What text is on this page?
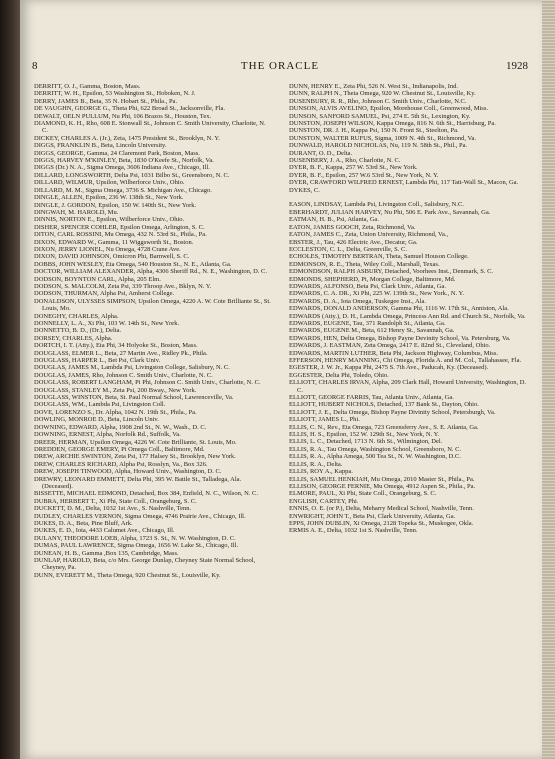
8	THE ORACLE	1928

DERRITT, O. J., Gamma, Boston, Mass.

DERRITT, W. H., Epsilon, 53 Washington St., Hoboken, N. J.

DERRY, JAMES B., Beta, 35 N. Hobart St., Phila., Pa.

DE VAUGHN, GEORGE G., Theta Phi, 622 Broad St., Jacksonville, Fla.

DEWALT, OELN PULLUM, Nu Phi, 106 Brazos St., Houston, Tex.

DIAMOND, K. H., Rho, 608 E. Stonwall St., Johnson C. Smith University, Charlotte, N. C.

DICKEY, CHARLES A. (Jr.), Zeta, 1475 President St., Brooklyn, N. Y.

DIGGS, FRANKLIN B., Beta, Lincoln University.

DIGGS, GEORGE, Gamma, 24 Claremont Park, Boston, Mass.

DIGGS, HARVEY M'KINLEY, Beta, 1830 O'Keefe St., Norfolk, Va.

DIGGS (Dr.) N. A., Sigma Omega, 3606 Indiana Ave., Chicago, Ill.

DILLARD, LONGSWORTH, Delta Psi, 1031 Bilbo St., Greensboro, N. C.

DILLARD, WILMUR, Upsilon, Wilberforce Univ., Ohio.

DILLARD, M. M., Sigma Omega, 3736 S. Michigan Ave., Chicago.

DINGLE, ALLEN, Epsilon, 236 W. 138th St., New York.

DINGLE, J. GORDON, Epsilon, 150 W. 140th St., New York.

DINGWAH, M. HAROLD, Mu.

DINNIS, NORTON E., Epsilon, Wilberforce Univ., Ohio.

DISHER, SPENCER COHLER, Epsilon Omega, Arlington, S. C.

DITON, CARL ROSSINI, Mu Omega, 432 N. 53rd St., Phila., Pa.

DIXON, EDWARD W., Gamma, 11 Wiggsworth St., Boston.

DIXON, JERRY LIONEL, Nu Omega, 4728 Crane Ave.

DIXON, DAVID JOHNSON, Omicron Phi, Barnwell, S. C.

DOBBS, JOHN WESLEY, Eta Omega, 540 Houston St., N. E., Atlanta, Ga.

DOCTOR, WILLIAM ALEXANDER, Alpha, 4306 Sheriff Rd., N. E., Washington, D. C.

DODSON, BOYNTON CARL, Alpha, 205 Elm.

DODSON, S. MALCOLM, Zeta Psi, 339 Throop Ave., Bklyn, N. Y.

DODSON, THURMAN, Alpha Psi, Amherst College.

DONALDSON, ULYSSES SIMPSON, Upsilon Omega, 4220 A. W. Cote Brilliante St., St. Louis, Mo.

DONEGHY, CHARLES, Alpha.

DONNELLY, L. A., Xi Phi, 103 W. 14th St., New York.

DONNETTO, B. D., (Dr.), Delta.

DORSEY, CHARLES, Alpha.

DORTCH, I. T. (Atty.), Eta Phi, 34 Holyoke St., Boston, Mass.

DOUGLASS, ELMER L., Beta, 27 Martin Ave., Ridley Pk., Phila.

DOUGLASS, HARPER L., Bet Psi, Clark Univ.

DOUGLAS, JAMES M., Lambda Psi, Livingston College, Salisbury, N. C.

DOUGLAS, JAMES, Rho, Johnson C. Smith Univ., Charlotte, N. C.

DOUGLASS, ROBERT LANGHAM, Pi Phi, Johnson C. Smith Univ., Charlotte, N. C.

DOUGLASS, STANLEY M., Zeta Psi, 200 Bway., New York.

DOUGLASS, WINSTON, Beta, St. Paul Normal School, Lawrenceville, Va.

DOUGLASS, WM., Lambda Psi, Livingston Coll.

DOVE, LORENZO S., Dr. Alpha, 1042 N. 19th St., Phila., Pa.

DOWLING, MONROE D., Beta, Lincoln Univ.

DOWNING, EDWARD, Alpha, 1908 2nd St., N. W., Wash., D. C.

DOWNING, ERNEST, Alpha, Norfolk Rd., Suffolk, Va.

DREER, HERMAN, Upsilon Omega, 4226 W. Cote Brilliante, St. Louis, Mo.

DREDDEN, GEORGE EMERY, Pi Omega Coll., Baltimore, Md.

DREW, ARCHIE SWINTON, Zeta Psi, 177 Halsey St., Brooklyn, New York.

DREW, CHARLES RICHARD, Alpha Psi, Rosslyn, Va., Box 326.

DREW, JOSEPH TINWOOD, Alpha, Howard Univ., Washington, D. C.

DREWRY, LEONARD EMMETT, Delta Phi, 395 W. Battle St., Talladega, Ala. (Deceased).

BISSETTE, MICHAEL EDMOND, Detached, Box 384, Enfield, N. C., Wilson, N. C.

DUBRA, HERBERT T., Xi Phi, State Coll., Orangeburg, S. C.

DUCKETT, D. M., Delta, 1032 1st Ave., S. Nashville, Tenn.

DUDLEY, CHARLES VERNON, Sigma Omega, 4746 Prairie Ave., Chicago, Ill.

DUKES, D. A., Beta, Pine Bluff, Ark.

DUKES, E. D., Iota, 4433 Calumet Ave., Chicago, Ill.

DULANY, THEODORE LOEB, Alpha, 1723 S. St., N. W. Washington, D. C.

DUMAS, PAUL LAWRENCE, Sigma Omega, 1656 W. Lake St., Chicago, Ill.

DUNEAN, H. B., Gamma ,Box 135, Cambridge, Mass.

DUNLAP, HAROLD, Beta, c/o Mrs. George Dunlap, Cheyney State Normal School, Cheyney, Pa.

DUNN, EVERETT M., Theta Omega, 920 Chestnut St., Louisville, Ky.

DUNN, HENRY E., Zeta Phi, 526 N. West St., Indianapolis, Ind.

DUNN, RALPH N., Theta Omega, 920 W. Chestnut St., Louisville, Ky.

DUSENBURY, R. R., Rho, Johnson C. Smith Univ., Charlotte, N.C.

DUNSON, ALVIS AVELINO, Epsilon, Morehouse Coll., Greenwood, Miss.

DUNSON, SANFORD SAMUEL, Psi, 274 E. 5th St., Lexington, Ky.

DUNSTON, JOSEPH WILSON, Kappa Omega, 816 N. 6th St., Harrisburg, Pa.

DUNSTON, DR. J. H., Kappa Psi, 150 N. Front St., Steelton, Pa.

DUNSTON, WALTER RUFUS, Sigma, 1009 N. 4th St., Richmond, Va.

DUNWALD, HAROLD NICHOLAS, Nu, 119 N. 58th St., Phil., Pa.

DURANT, O. D., Delta.

DUSENBERY, J. A., Rho, Charlotte, N. C.

DYER, B. F., Kappa, 257 W. 53rd St., New York.

DYER, B. F., Epsilon, 257 W.6 53rd St., New York, N. Y.

DYER, CRAWFORD WILFRED ERNEST, Lambda Phi, 117 Tatt-Wall St., Macon, Ga.

DYKES, C.

EASON, LINDSAY, Lambda Psi, Livingston Coll., Salisbury, N.C.

EBERHARDT, JULIAN HARVEY, Nu Phi, 506 E. Park Ave., Savannah, Ga.

EATMAN, H. B., Psi, Atlanta, Ga.

EATON, JAMES GOOCH, Zeta, Richmond, Va.

EATON, JAMES C., Zeta, Union University, Richmond, Va.,

EBSTER, J., Tau, 426 Electric Ave., Decatur, Ga.

ECCLESTON, C. L., Delta, Greenville, S. C.

ECHOLES, TIMOTHY BERTRAN, Theta, Samuel Houson College.

EDMONSON, R. E., Theta, Wiley Coll., Marshall, Texas.

EDMONDSON, RALPH ASBURY, Detached, Voorhees Inst., Denmark, S. C.

EDMONDS, SHEPHERD, Pi, Morgan College, Baltimore, Md.

EDWARDS, ALFONSO, Beta Psi, Clark Univ., Atlanta, Ga.

EDWARDS, C. A. DR., Xi Phi, 225 W. 139th St., New York., N. Y.

EDWARDS, D. A., Iota Omega, Tuskegee Inst., Ala.

EDWARDS, DONALD ANDERSON, Gamma Phi, 1116 W. 17th St., Anniston, Ala.

EDWARDS (Atty.), D. H., Lambda Omega, Princess Ann Rd. and Church St., Norfolk, Va.

EDWARDS, EUGENE, Tau, 371 Randolph St., Atlanta, Ga.

EDWARDS, EUGENE M., Beta, 612 Henry St., Savannah, Ga.

EDWARDS, HEN, Delta Omega, Bishop Payne Devinity School, Va. Petersburg, Va.

EDWARDS, J. EASTMAN, Zeta Omega, 2417 E. 82nd St., Cleveland, Ohio.

EDWARDS, MARTIN LUTHER, Beta Phi, Jackson Highway, Columbus, Miss.

EFFERSON, HENRY MANNING, Chi Omega, Florida A. and M. Col., Tallahassee, Fla.

EGESTER, J. W. Jr., Kappa Phi, 2475 S. 7th Ave., Paducah, Ky. (Deceased).

EGGESTER, Delta Phi, Toledo, Ohio.

ELLIOTT, CHARLES IRVAN, Alpha, 209 Clark Hall, Howard University, Washington, D. C.

ELLIOTT, GEORGE FARRIS, Tau, Atlanta Univ., Atlanta, Ga.

ELLIOTT, HUBERT NICHOLS, Detached, 137 Bank St., Dayton, Ohio.

ELLIOTT, J. E., Delta Omega, Bishop Payne Divinity School, Petersburgh, Va.

ELLIOTT, JAMES L., Phi.

ELLIS, C. N., Rev., Eta Omega, 723 Greensferry Ave., S. E. Atlanta, Ga.

ELLIS, H. S., Epsilon, 152 W. 129th St., New York, N. Y.

ELLIS, L. C., Detached, 1713 N. 6th St., Wilmington, Del.

ELLIS, R. A., Tau Omega, Washington School, Greensboro, N. C.

ELLIS, R. A., Alpha Amega, 500 Tea St., N. W. Washington, D.C.

ELLIS, R. A., Delta.

ELLIS, ROY A., Kappa.

ELLIS, SAMUEL HENKIAH, Mu Omega, 2010 Master St., Phila., Pa.

ELLISON, GEORGE FERNIE, Mu Omega, 4912 Aspen St., Phila., Pa.

ELMORE, PAUL, Xi Phi, State Coll., Orangeburg, S. C.

ENGLISH, CARTEY, Phi.

ENNIS, O. E. (or P.), Delta, Meharry Medical School, Nashville, Tenn.

ENWRIGHT, JOHN T., Beta Psi, Clark University, Atlanta, Ga.

EPPS, JOHN DUBLIN, Xi Omega, 2128 Topeka St., Muskogee, Okla.

ERMIS A. E., Delta, 1032 1st S. Nashville, Tenn.
